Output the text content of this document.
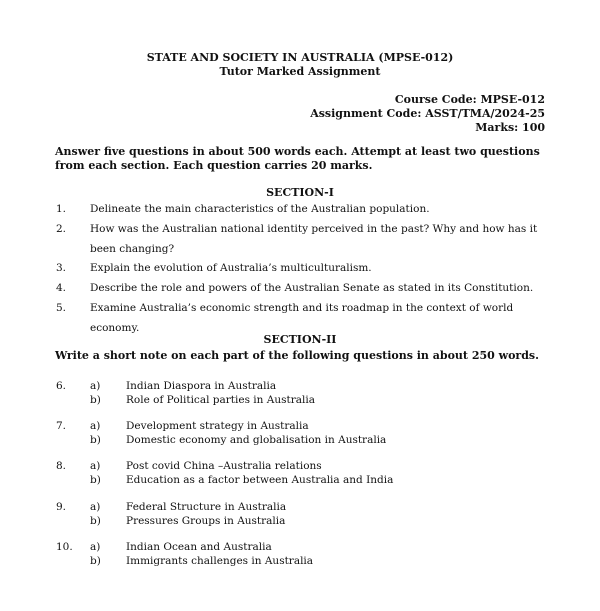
STATE AND SOCIETY IN AUSTRALIA (MPSE-012)
Tutor Marked Assignment
Course Code: MPSE-012
Assignment Code: ASST/TMA/2024-25
Marks: 100
Answer five questions in about 500 words each. Attempt at least two questions from each section. Each question carries 20 marks.
SECTION-I
1. Delineate the main characteristics of the Australian population.
2. How was the Australian national identity perceived in the past? Why and how has it been changing?
3. Explain the evolution of Australia’s multiculturalism.
4. Describe the role and powers of the Australian Senate as stated in its Constitution.
5. Examine Australia’s economic strength and its roadmap in the context of world economy.
SECTION-II
Write a short note on each part of the following questions in about 250 words.
6. a) Indian Diaspora in Australia
b) Role of Political parties in Australia
7. a) Development strategy in Australia
b) Domestic economy and globalisation in Australia
8. a) Post covid China –Australia relations
b) Education as a factor between Australia and India
9. a) Federal Structure in Australia
b) Pressures Groups in Australia
10. a) Indian Ocean and Australia
b) Immigrants challenges in Australia
